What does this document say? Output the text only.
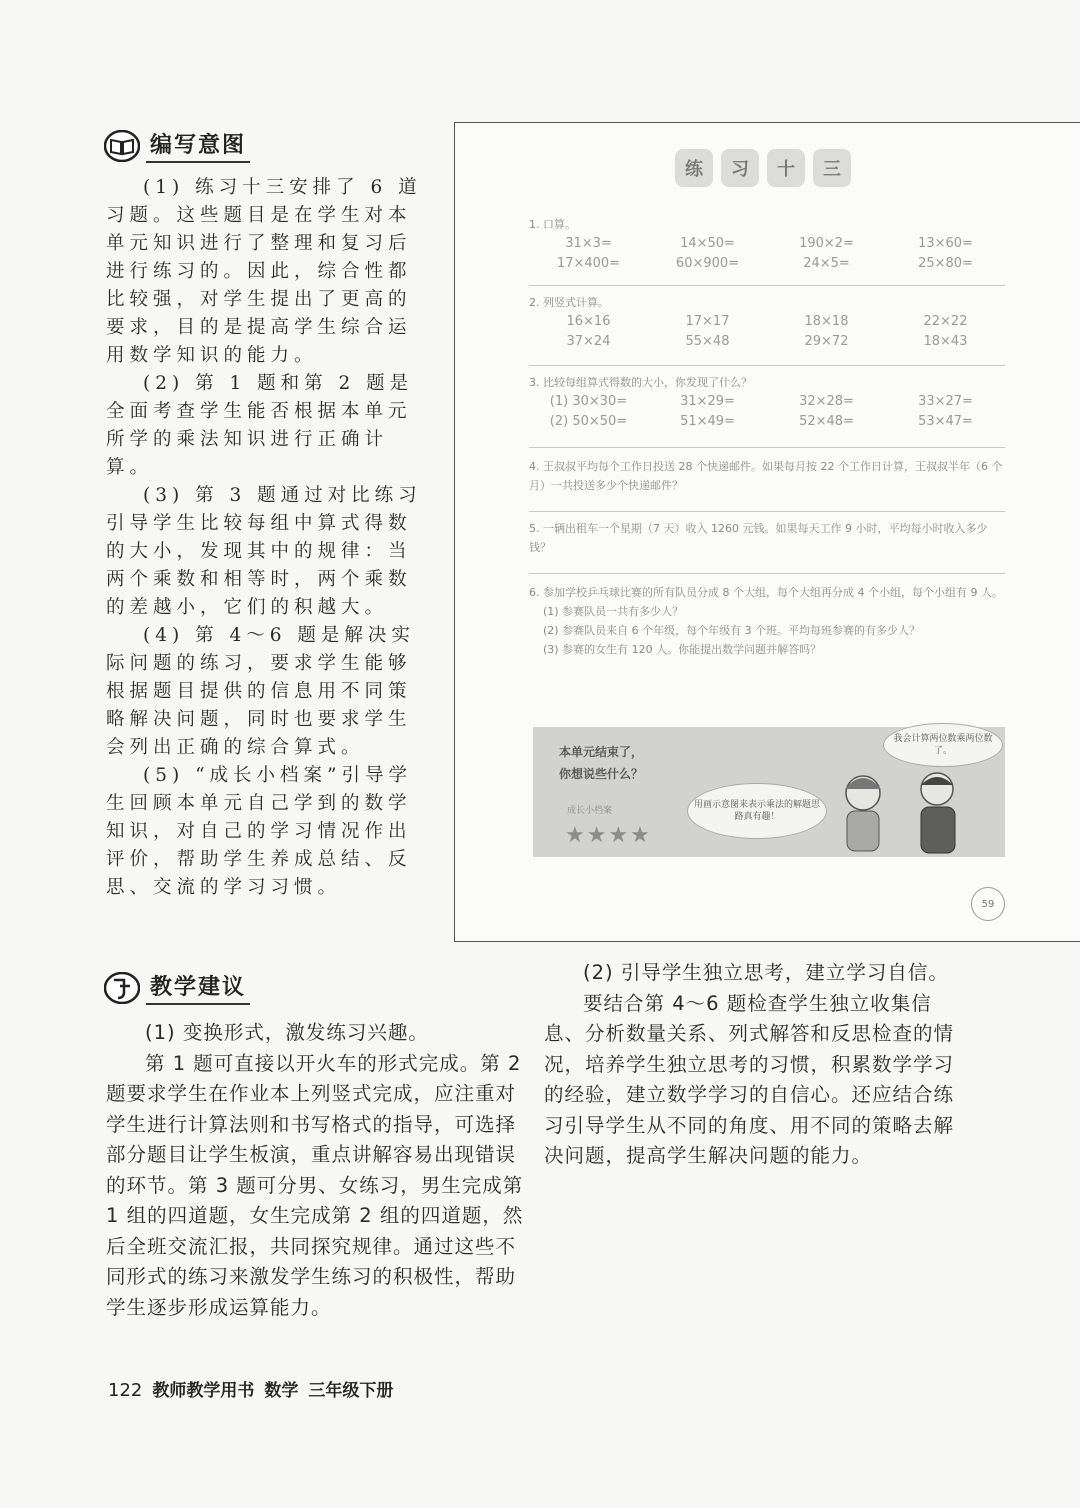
编写意图

(1) 练习十三安排了 6 道习题。这些题目是在学生对本单元知识进行了整理和复习后进行练习的。因此，综合性都比较强，对学生提出了更高的要求，目的是提高学生综合运用数学知识的能力。

(2) 第 1 题和第 2 题是全面考查学生能否根据本单元所学的乘法知识进行正确计算。

(3) 第 3 题通过对比练习引导学生比较每组中算式得数的大小，发现其中的规律：当两个乘数和相等时，两个乘数的差越小，它们的积越大。

(4) 第 4～6 题是解决实际问题的练习，要求学生能够根据题目提供的信息用不同策略解决问题，同时也要求学生会列出正确的综合算式。

(5) “成长小档案”引导学生回顾本单元自己学到的数学知识，对自己的学习情况作出评价，帮助学生养成总结、反思、交流的学习习惯。

练	习	十	三
1. 口算。
31×3=	14×50=	190×2=	13×60=
17×400=	60×900=	24×5=	25×80=
2. 列竖式计算。
16×16	17×17	18×18	22×22
37×24	55×48	29×72	18×43
3. 比较每组算式得数的大小，你发现了什么？
(1) 30×30=	31×29=	32×28=	33×27=
(2) 50×50=	51×49=	52×48=	53×47=
4. 王叔叔平均每个工作日投送 28 个快递邮件。如果每月按 22 个工作日计算，王叔叔半年（6 个月）一共投送多少个快递邮件？
5. 一辆出租车一个星期（7 天）收入 1260 元钱。如果每天工作 9 小时，平均每小时收入多少钱？
6. 参加学校乒乓球比赛的所有队员分成 8 个大组，每个大组再分成 4 个小组，每个小组有 9 人。
(1) 参赛队员一共有多少人？
(2) 参赛队员来自 6 个年级，每个年级有 3 个班。平均每班参赛的有多少人？
(3) 参赛的女生有 120 人。你能提出数学问题并解答吗？
本单元结束了，
你想说些什么？
成长小档案
★★★★
用画示意图来表示乘法的解题思路真有趣！
我会计算两位数乘两位数了。
59
教学建议

(1) 变换形式，激发练习兴趣。

第 1 题可直接以开火车的形式完成。第 2 题要求学生在作业本上列竖式完成，应注重对学生进行计算法则和书写格式的指导，可选择部分题目让学生板演，重点讲解容易出现错误的环节。第 3 题可分男、女练习，男生完成第 1 组的四道题，女生完成第 2 组的四道题，然后全班交流汇报，共同探究规律。通过这些不同形式的练习来激发学生练习的积极性，帮助学生逐步形成运算能力。

(2) 引导学生独立思考，建立学习自信。

要结合第 4～6 题检查学生独立收集信息、分析数量关系、列式解答和反思检查的情况，培养学生独立思考的习惯，积累数学学习的经验，建立数学学习的自信心。还应结合练习引导学生从不同的角度、用不同的策略去解决问题，提高学生解决问题的能力。

122 教师教学用书 数学 三年级下册
